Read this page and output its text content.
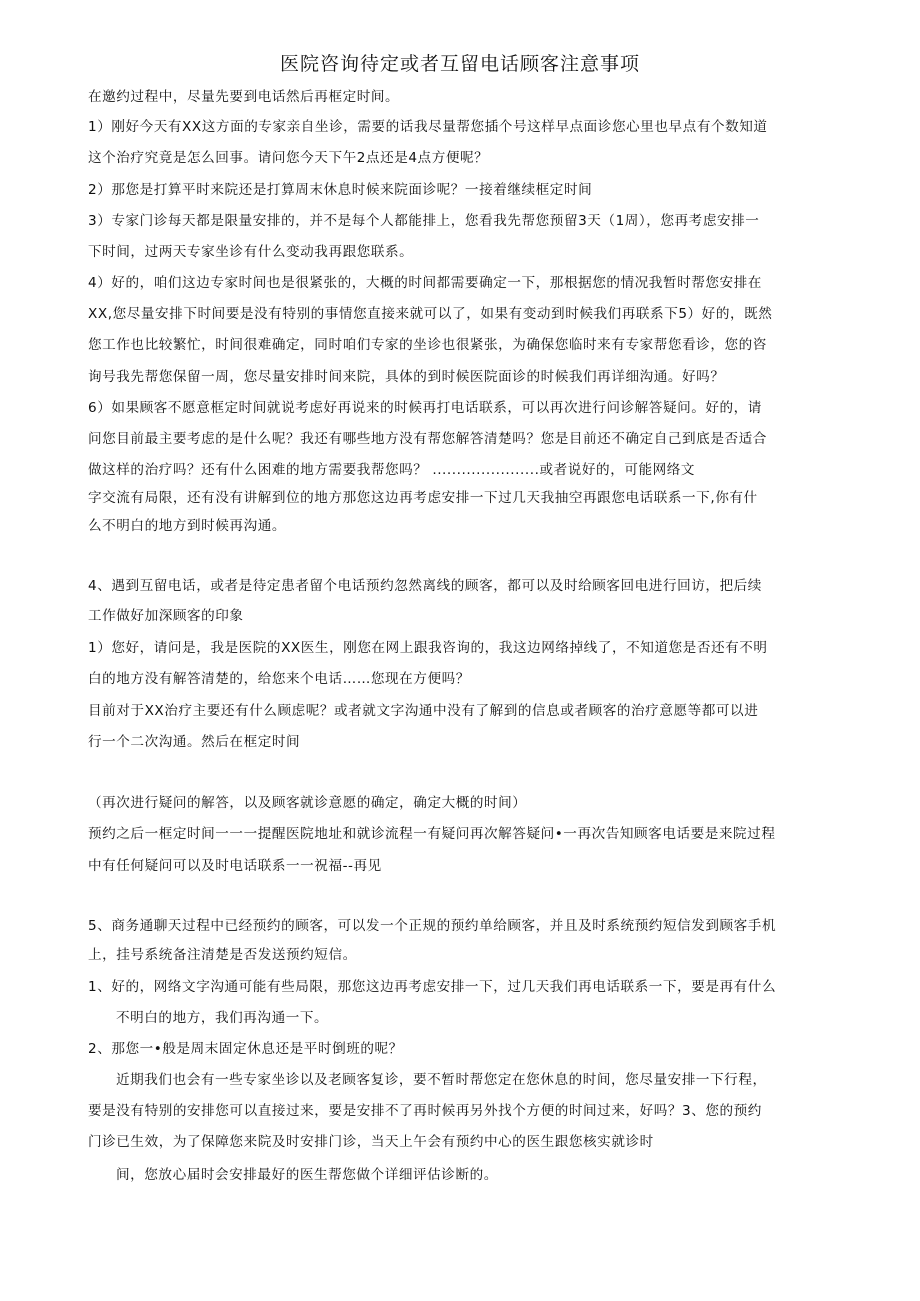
医院咨询待定或者互留电话顾客注意事项
在邀约过程中，尽量先要到电话然后再框定时间。
1）刚好今天有XX这方面的专家亲自坐诊，需要的话我尽量帮您插个号这样早点面诊您心里也早点有个数知道
这个治疗究竟是怎么回事。请问您今天下午2点还是4点方便呢？
2）那您是打算平时来院还是打算周末休息时候来院面诊呢？一接着继续框定时间
3）专家门诊每天都是限量安排的，并不是每个人都能排上，您看我先帮您预留3天（1周），您再考虑安排一
下时间，过两天专家坐诊有什么变动我再跟您联系。
4）好的，咱们这边专家时间也是很紧张的，大概的时间都需要确定一下，那根据您的情况我暂时帮您安排在
XX,您尽量安排下时间要是没有特别的事情您直接来就可以了，如果有变动到时候我们再联系下5）好的，既然
您工作也比较繁忙，时间很难确定，同时咱们专家的坐诊也很紧张，为确保您临时来有专家帮您看诊，您的咨
询号我先帮您保留一周，您尽量安排时间来院，具体的到时候医院面诊的时候我们再详细沟通。好吗？
6）如果顾客不愿意框定时间就说考虑好再说来的时候再打电话联系，可以再次进行问诊解答疑问。好的，请
问您目前最主要考虑的是什么呢？我还有哪些地方没有帮您解答清楚吗？您是目前还不确定自己到底是否适合
做这样的治疗吗？还有什么困难的地方需要我帮您吗？ ......................或者说好的，可能网络文
字交流有局限，还有没有讲解到位的地方那您这边再考虑安排一下过几天我抽空再跟您电话联系一下,你有什
么不明白的地方到时候再沟通。
4、遇到互留电话，或者是待定患者留个电话预约忽然离线的顾客，都可以及时给顾客回电进行回访，把后续
工作做好加深顾客的印象
1）您好，请问是，我是医院的XX医生，刚您在网上跟我咨询的，我这边网络掉线了，不知道您是否还有不明
白的地方没有解答清楚的，给您来个电话……您现在方便吗？
目前对于XX治疗主要还有什么顾虑呢？或者就文字沟通中没有了解到的信息或者顾客的治疗意愿等都可以进
行一个二次沟通。然后在框定时间
（再次进行疑问的解答，以及顾客就诊意愿的确定，确定大概的时间）
预约之后一框定时间一一一提醒医院地址和就诊流程一有疑问再次解答疑问•一再次告知顾客电话要是来院过程
中有任何疑问可以及时电话联系一一祝福--再见
5、商务通聊天过程中已经预约的顾客，可以发一个正规的预约单给顾客，并且及时系统预约短信发到顾客手机
上，挂号系统备注清楚是否发送预约短信。
1、好的，网络文字沟通可能有些局限，那您这边再考虑安排一下，过几天我们再电话联系一下，要是再有什么
不明白的地方，我们再沟通一下。
2、那您一•般是周末固定休息还是平时倒班的呢？
近期我们也会有一些专家坐诊以及老顾客复诊，要不暂时帮您定在您休息的时间，您尽量安排一下行程，
要是没有特别的安排您可以直接过来，要是安排不了再时候再另外找个方便的时间过来，好吗？3、您的预约
门诊已生效，为了保障您来院及时安排门诊，当天上午会有预约中心的医生跟您核实就诊时
间，您放心届时会安排最好的医生帮您做个详细评估诊断的。
